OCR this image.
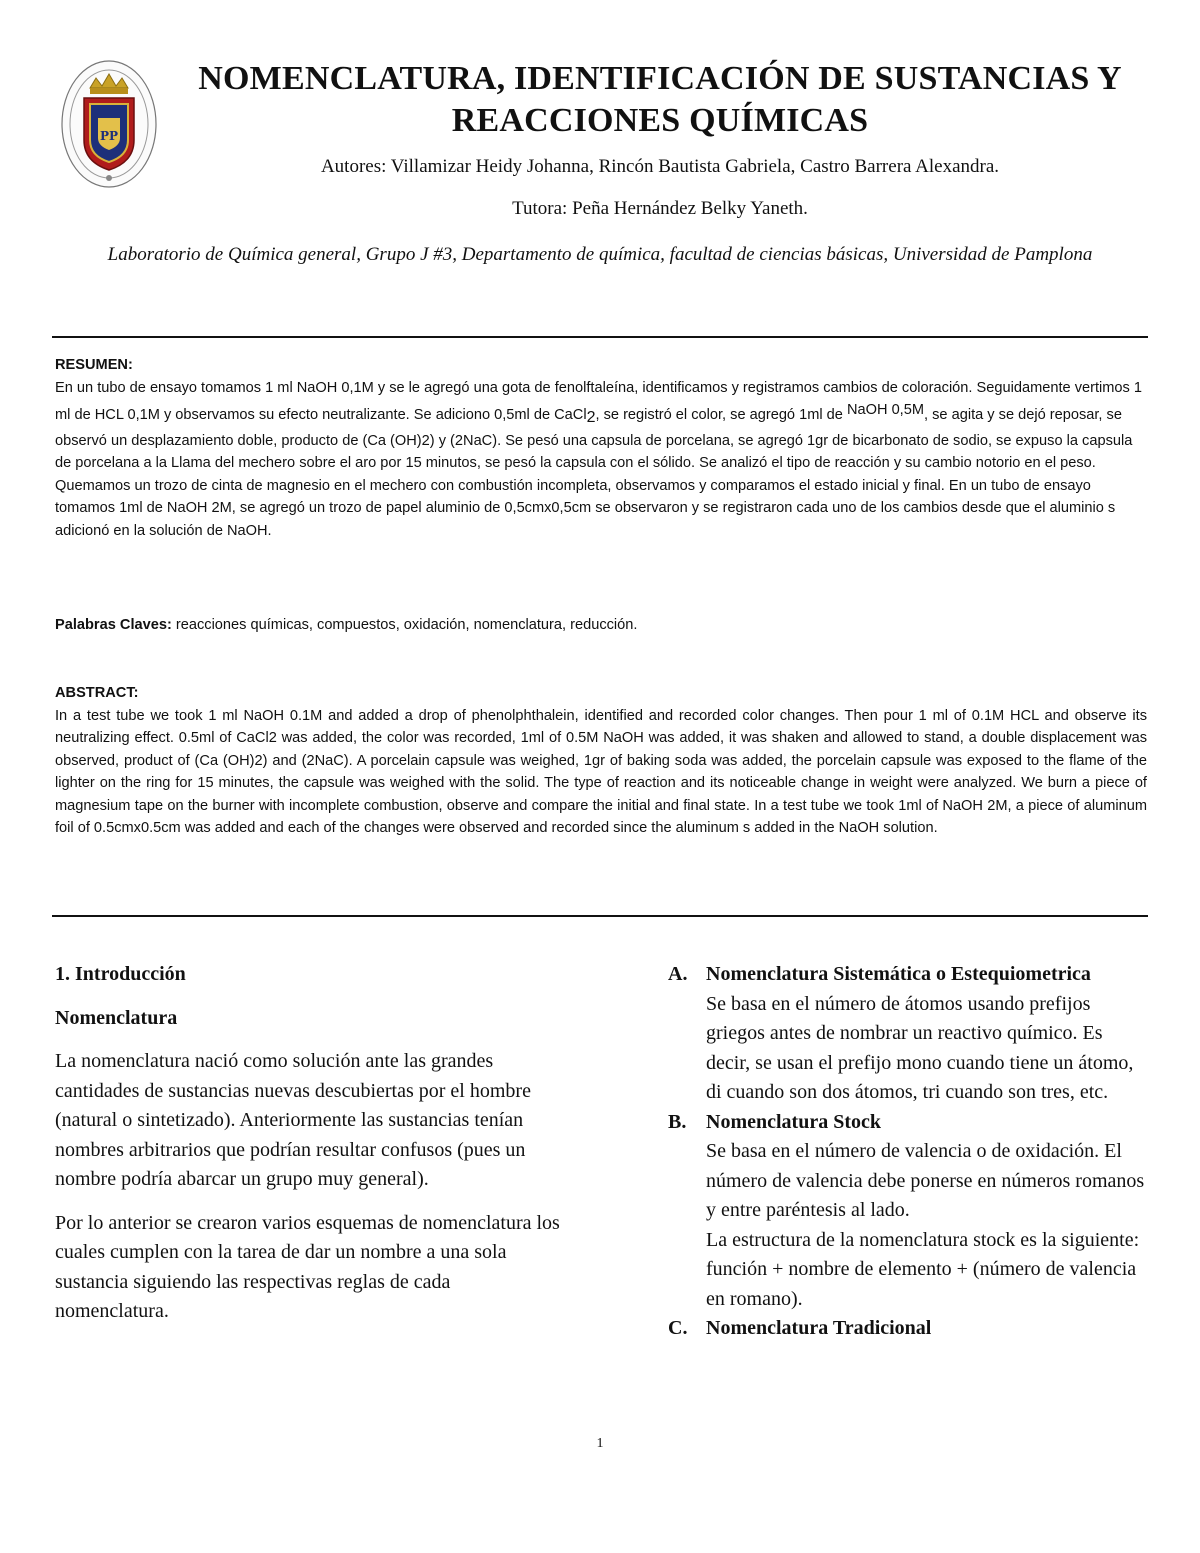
PP
NOMENCLATURA, IDENTIFICACIÓN DE SUSTANCIAS Y
REACCIONES QUÍMICAS
Autores: Villamizar Heidy Johanna, Rincón Bautista Gabriela, Castro Barrera Alexandra.
Tutora: Peña Hernández Belky Yaneth.
Laboratorio de Química general, Grupo J #3, Departamento de química, facultad de ciencias básicas, Universidad de Pamplona
RESUMEN:
En un tubo de ensayo tomamos 1 ml NaOH 0,1M y se le agregó una gota de fenolftaleína, identificamos y registramos cambios de coloración. Seguidamente vertimos 1 ml de HCL 0,1M y observamos su efecto neutralizante. Se adiciono 0,5ml de CaCl$_2$, se registró el color, se agregó 1ml de $^{NaOH 0,5M}$, se agita y se dejó reposar, se observó un desplazamiento doble, producto de (Ca (OH)2) y (2NaC). Se pesó una capsula de porcelana, se agregó 1gr de bicarbonato de sodio, se expuso la capsula de porcelana a la Llama del mechero sobre el aro por 15 minutos, se pesó la capsula con el sólido. Se analizó el tipo de reacción y su cambio notorio en el peso. Quemamos un trozo de cinta de magnesio en el mechero con combustión incompleta, observamos y comparamos el estado inicial y final. En un tubo de ensayo tomamos 1ml de NaOH 2M, se agregó un trozo de papel aluminio de 0,5cmx0,5cm se observaron y se registraron cada uno de los cambios desde que el aluminio s adicionó en la solución de NaOH.
Palabras Claves: reacciones químicas, compuestos, oxidación, nomenclatura, reducción.
ABSTRACT:
In a test tube we took 1 ml NaOH 0.1M and added a drop of phenolphthalein, identified and recorded color changes. Then pour 1 ml of 0.1M HCL and observe its neutralizing effect. 0.5ml of CaCl2 was added, the color was recorded, 1ml of 0.5M NaOH was added, it was shaken and allowed to stand, a double displacement was observed, product of (Ca (OH)2) and (2NaC). A porcelain capsule was weighed, 1gr of baking soda was added, the porcelain capsule was exposed to the flame of the lighter on the ring for 15 minutes, the capsule was weighed with the solid. The type of reaction and its noticeable change in weight were analyzed. We burn a piece of magnesium tape on the burner with incomplete combustion, observe and compare the initial and final state. In a test tube we took 1ml of NaOH 2M, a piece of aluminum foil of 0.5cmx0.5cm was added and each of the changes were observed and recorded since the aluminum s added in the NaOH solution.
1. Introducción
Nomenclatura

La nomenclatura nació como solución ante las grandes cantidades de sustancias nuevas descubiertas por el hombre (natural o sintetizado). Anteriormente las sustancias tenían nombres arbitrarios que podrían resultar confusos (pues un nombre podría abarcar un grupo muy general).

Por lo anterior se crearon varios esquemas de nomenclatura los cuales cumplen con la tarea de dar un nombre a una sola sustancia siguiendo las respectivas reglas de cada nomenclatura.

A. Nomenclatura Sistemática o Estequiometrica
Se basa en el número de átomos usando prefijos griegos antes de nombrar un reactivo químico. Es decir, se usan el prefijo mono cuando tiene un átomo, di cuando son dos átomos, tri cuando son tres, etc.
B. Nomenclatura Stock
Se basa en el número de valencia o de oxidación. El número de valencia debe ponerse en números romanos y entre paréntesis al lado.
La estructura de la nomenclatura stock es la siguiente: función + nombre de elemento + (número de valencia en romano).
C. Nomenclatura Tradicional
1
